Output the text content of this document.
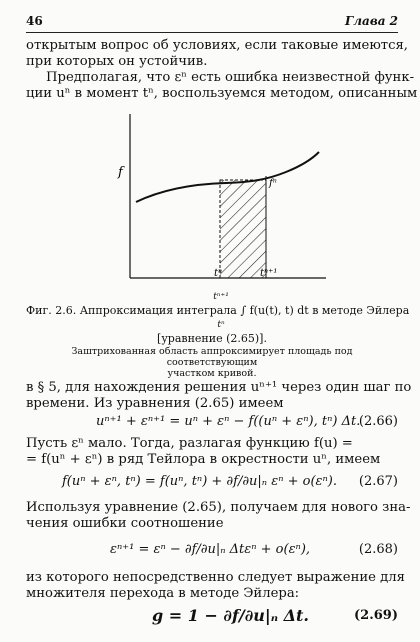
46	Глава 2
открытым вопрос об условиях, если таковые имеются,
при которых он устойчив.
Предполагая, что εⁿ есть ошибка неизвестной функ-
ции uⁿ в момент tⁿ, воспользуемся методом, описанным
f
fⁿ
tⁿ	tⁿ⁺¹
tⁿ⁺¹
Фиг. 2.6. Аппроксимация интеграла ∫ f(u(t), t) dt в методе Эйлера
tⁿ
[уравнение (2.65)].
Заштрихованная область аппроксимирует площадь под соответствующим
участком кривой.
в § 5, для нахождения решения uⁿ⁺¹ через один шаг по
времени. Из уравнения (2.65) имеем
uⁿ⁺¹ + εⁿ⁺¹ = uⁿ + εⁿ − f((uⁿ + εⁿ), tⁿ) Δt.
(2.66)
Пусть εⁿ мало. Тогда, разлагая функцию f(u) =
= f(uⁿ + εⁿ) в ряд Тейлора в окрестности uⁿ, имеем
f(uⁿ + εⁿ, tⁿ) = f(uⁿ, tⁿ) + ∂f/∂u|ₙ εⁿ + o(εⁿ). (2.67)
Используя уравнение (2.65), получаем для нового зна-
чения ошибки соотношение
εⁿ⁺¹ = εⁿ − ∂f/∂u|ₙ Δtεⁿ + o(εⁿ),	(2.68)
из которого непосредственно следует выражение для
множителя перехода в методе Эйлера:
g = 1 − ∂f/∂u|ₙ Δt.	(2.69)
